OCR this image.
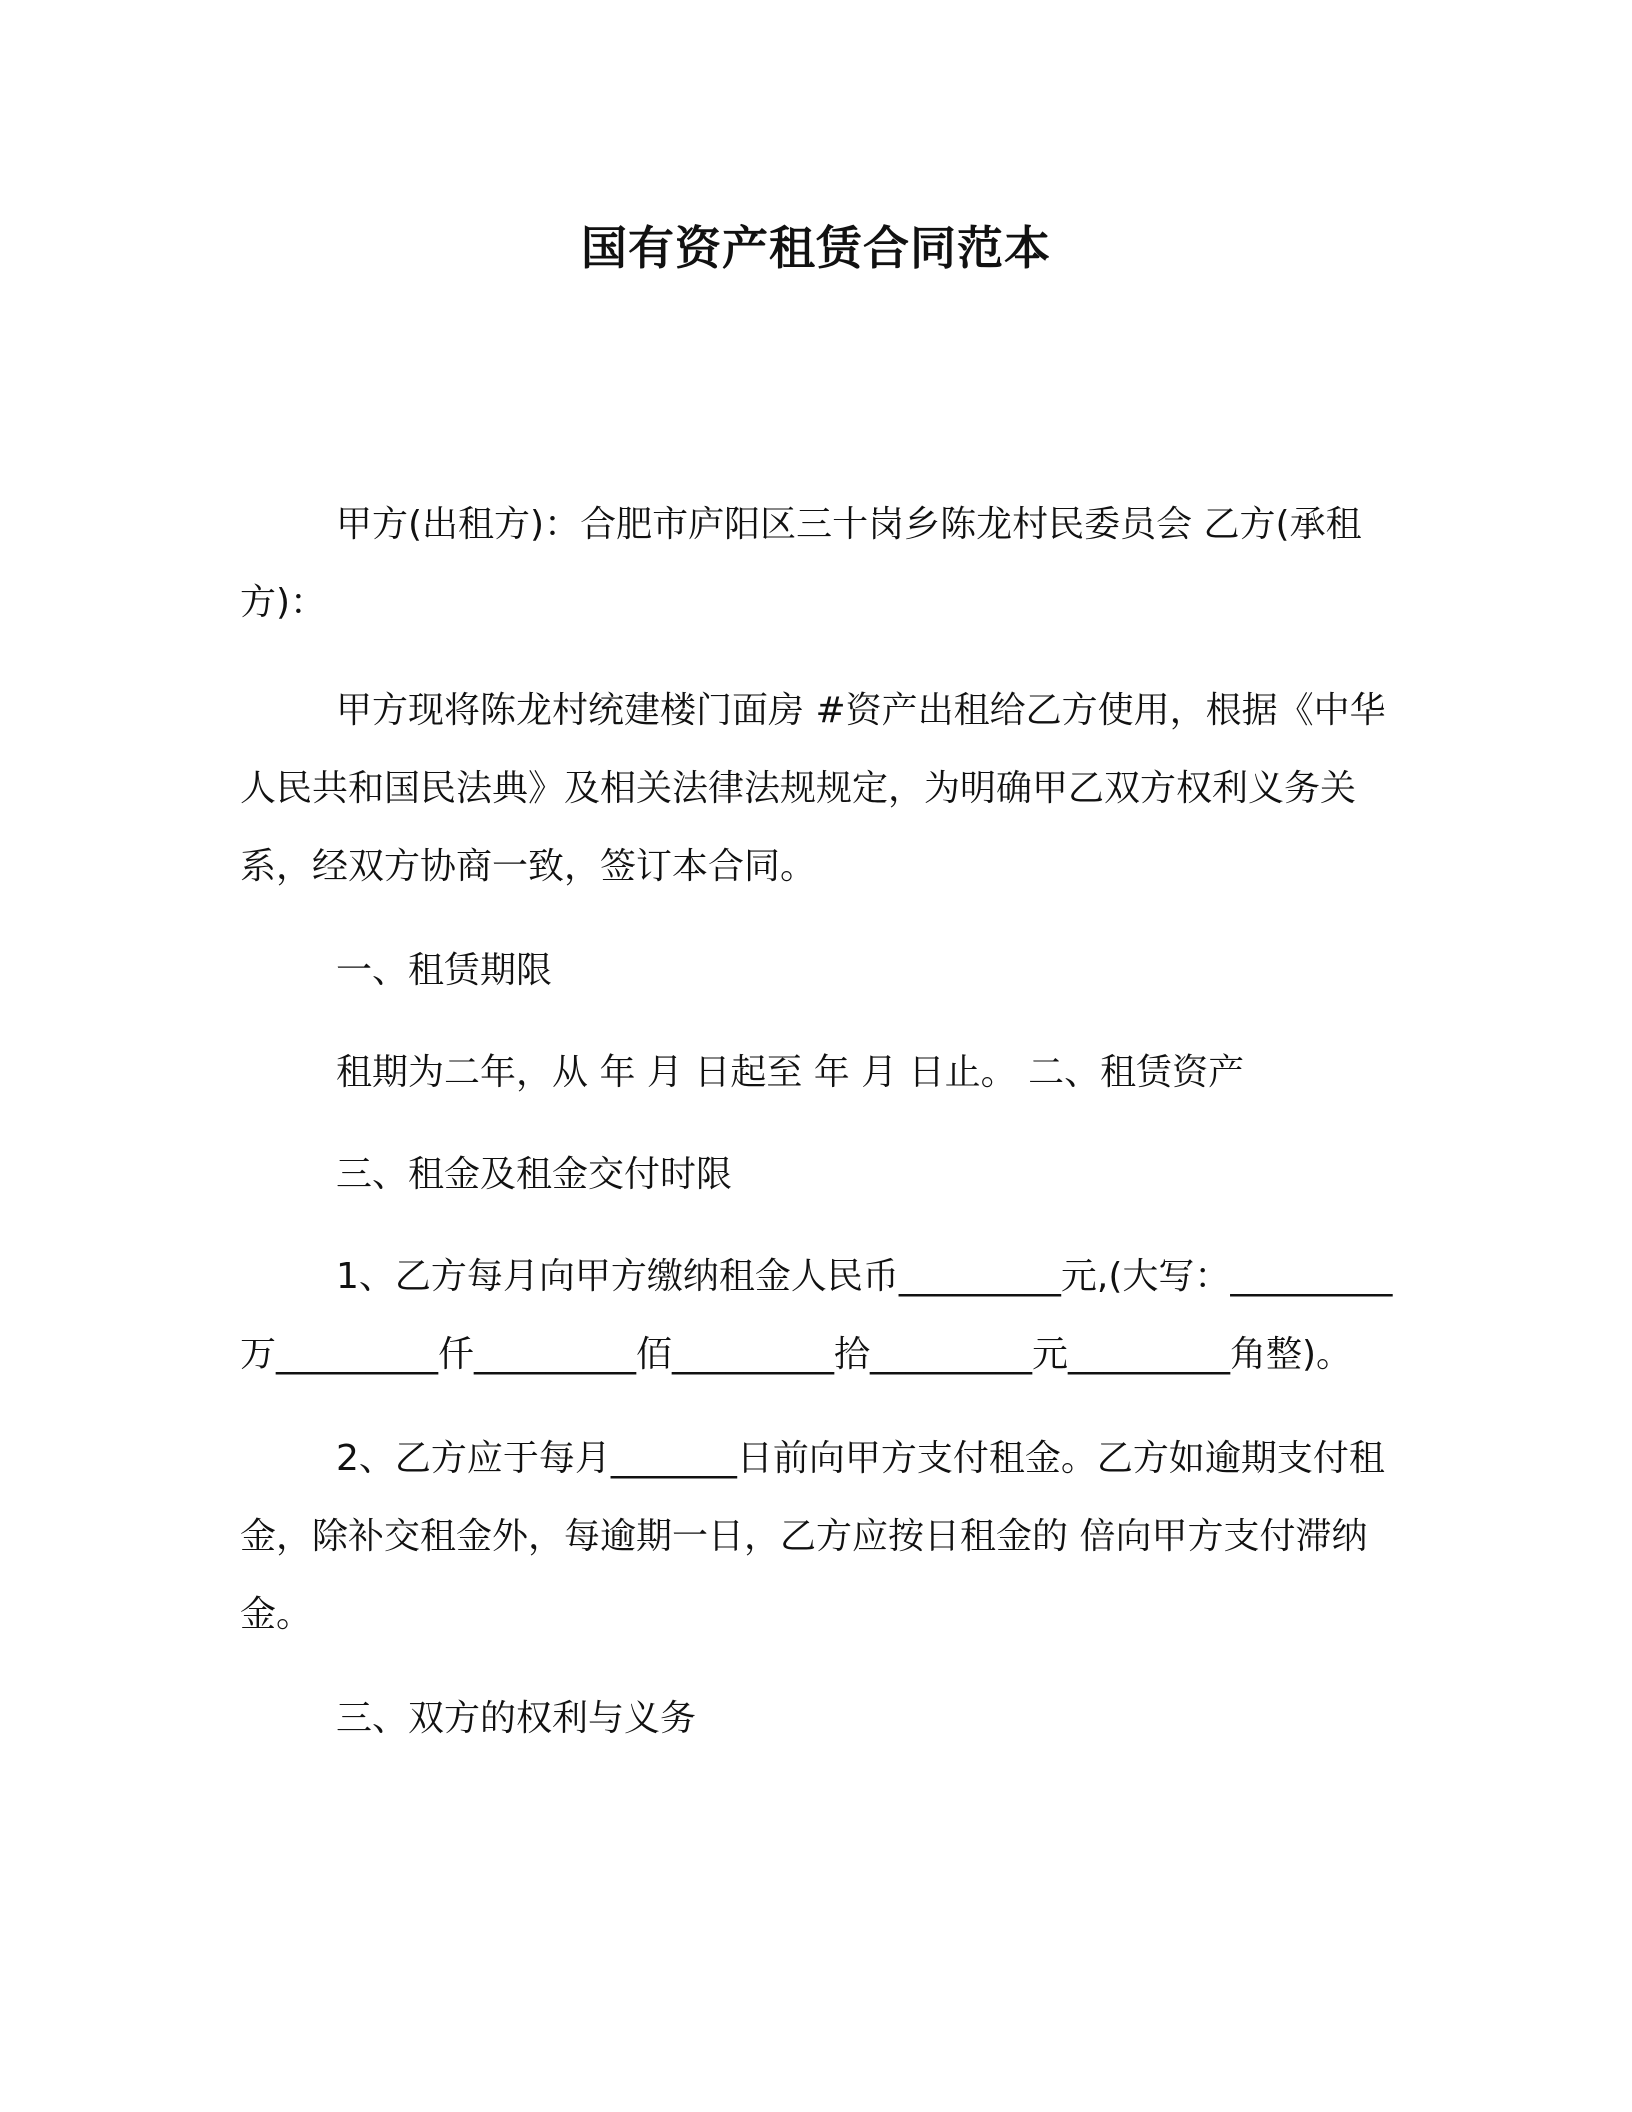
国有资产租赁合同范本

甲方(出租方)：合肥市庐阳区三十岗乡陈龙村民委员会 乙方(承租方)：

甲方现将陈龙村统建楼门面房 #资产出租给乙方使用，根据《中华人民共和国民法典》及相关法律法规规定，为明确甲乙双方权利义务关系，经双方协商一致，签订本合同。

一、租赁期限

租期为二年，从 年 月 日起至 年 月 日止。 二、租赁资产

三、租金及租金交付时限

1、乙方每月向甲方缴纳租金人民币_________元,(大写：_________万_________仟_________佰_________拾_________元_________角整)。

2、乙方应于每月_______日前向甲方支付租金。乙方如逾期支付租金，除补交租金外，每逾期一日，乙方应按日租金的 倍向甲方支付滞纳金。

三、双方的权利与义务
